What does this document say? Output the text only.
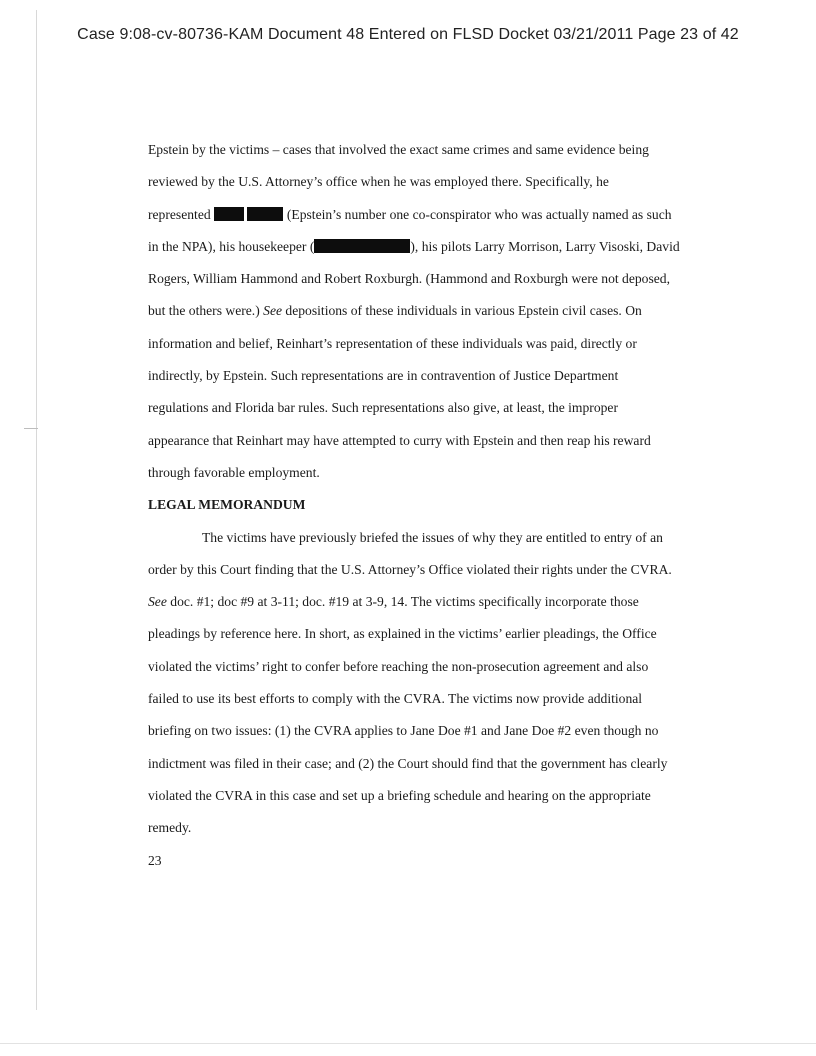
Case 9:08-cv-80736-KAM Document 48 Entered on FLSD Docket 03/21/2011 Page 23 of 42

Epstein by the victims – cases that involved the exact same crimes and same evidence being

reviewed by the U.S. Attorney’s office when he was employed there. Specifically, he

represented	(Epstein’s number one co-conspirator who was actually named as such

in the NPA), his housekeeper (	), his pilots Larry Morrison, Larry Visoski, David

Rogers, William Hammond and Robert Roxburgh. (Hammond and Roxburgh were not deposed,

but the others were.) See depositions of these individuals in various Epstein civil cases. On

information and belief, Reinhart’s representation of these individuals was paid, directly or

indirectly, by Epstein. Such representations are in contravention of Justice Department

regulations and Florida bar rules. Such representations also give, at least, the improper

appearance that Reinhart may have attempted to curry with Epstein and then reap his reward

through favorable employment.

LEGAL MEMORANDUM

The victims have previously briefed the issues of why they are entitled to entry of an

order by this Court finding that the U.S. Attorney’s Office violated their rights under the CVRA.

See doc. #1; doc #9 at 3-11; doc. #19 at 3-9, 14. The victims specifically incorporate those

pleadings by reference here. In short, as explained in the victims’ earlier pleadings, the Office

violated the victims’ right to confer before reaching the non-prosecution agreement and also

failed to use its best efforts to comply with the CVRA. The victims now provide additional

briefing on two issues: (1) the CVRA applies to Jane Doe #1 and Jane Doe #2 even though no

indictment was filed in their case; and (2) the Court should find that the government has clearly

violated the CVRA in this case and set up a briefing schedule and hearing on the appropriate

remedy.

23
